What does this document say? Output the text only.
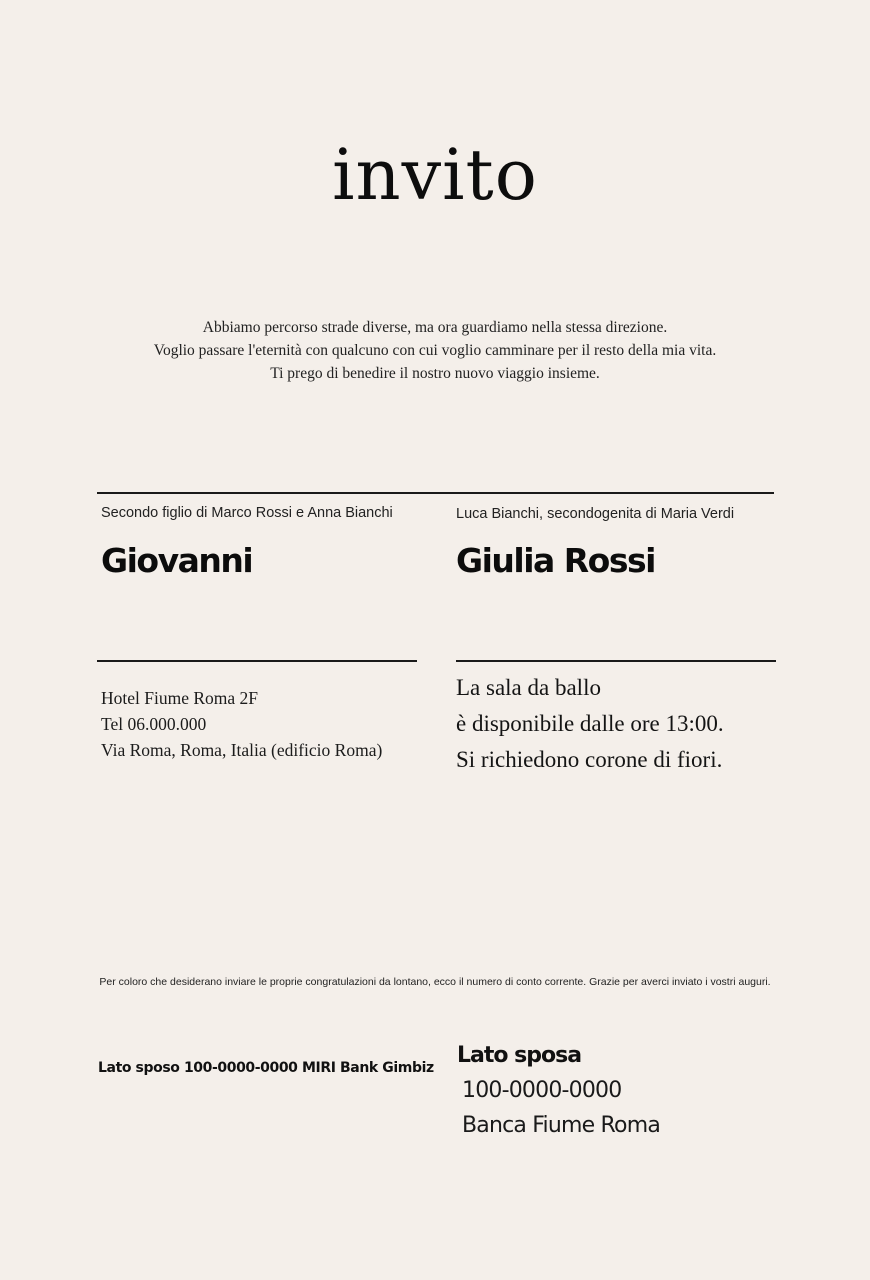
invito
Abbiamo percorso strade diverse, ma ora guardiamo nella stessa direzione.
Voglio passare l'eternità con qualcuno con cui voglio camminare per il resto della mia vita.
Ti prego di benedire il nostro nuovo viaggio insieme.
Secondo figlio di Marco Rossi e Anna Bianchi
Giovanni
Luca Bianchi, secondogenita di Maria Verdi
Giulia Rossi
Hotel Fiume Roma 2F
Tel 06.000.000
Via Roma, Roma, Italia (edificio Roma)
La sala da ballo
è disponibile dalle ore 13:00.
Si richiedono corone di fiori.
Per coloro che desiderano inviare le proprie congratulazioni da lontano, ecco il numero di conto corrente. Grazie per averci inviato i vostri auguri.
Lato sposo 100-0000-0000 MIRI Bank Gimbiz Lato sposa
100-0000-0000
Banca Fiume Roma
